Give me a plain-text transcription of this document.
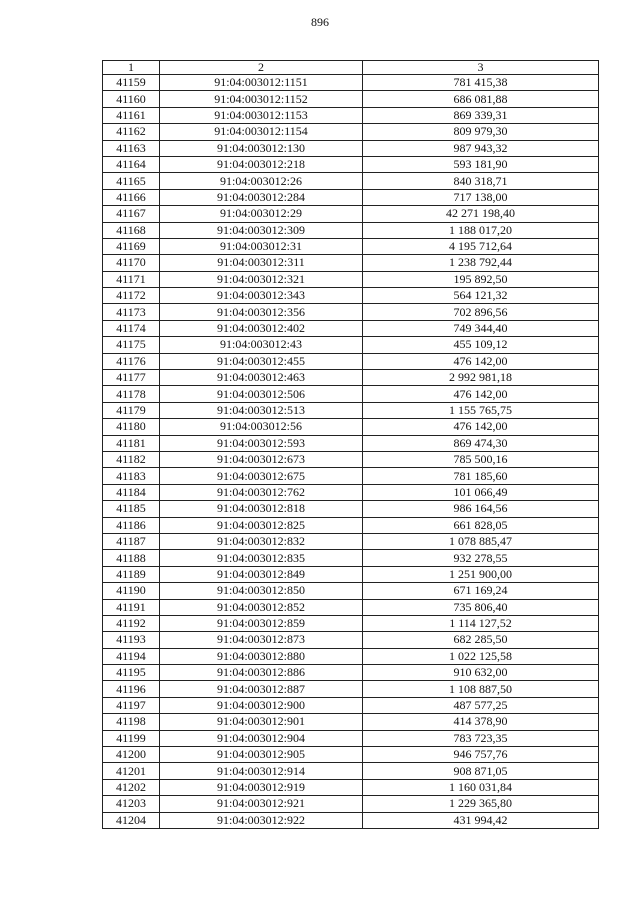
896
1	2	3
41159	91:04:003012:1151	781 415,38
41160	91:04:003012:1152	686 081,88
41161	91:04:003012:1153	869 339,31
41162	91:04:003012:1154	809 979,30
41163	91:04:003012:130	987 943,32
41164	91:04:003012:218	593 181,90
41165	91:04:003012:26	840 318,71
41166	91:04:003012:284	717 138,00
41167	91:04:003012:29	42 271 198,40
41168	91:04:003012:309	1 188 017,20
41169	91:04:003012:31	4 195 712,64
41170	91:04:003012:311	1 238 792,44
41171	91:04:003012:321	195 892,50
41172	91:04:003012:343	564 121,32
41173	91:04:003012:356	702 896,56
41174	91:04:003012:402	749 344,40
41175	91:04:003012:43	455 109,12
41176	91:04:003012:455	476 142,00
41177	91:04:003012:463	2 992 981,18
41178	91:04:003012:506	476 142,00
41179	91:04:003012:513	1 155 765,75
41180	91:04:003012:56	476 142,00
41181	91:04:003012:593	869 474,30
41182	91:04:003012:673	785 500,16
41183	91:04:003012:675	781 185,60
41184	91:04:003012:762	101 066,49
41185	91:04:003012:818	986 164,56
41186	91:04:003012:825	661 828,05
41187	91:04:003012:832	1 078 885,47
41188	91:04:003012:835	932 278,55
41189	91:04:003012:849	1 251 900,00
41190	91:04:003012:850	671 169,24
41191	91:04:003012:852	735 806,40
41192	91:04:003012:859	1 114 127,52
41193	91:04:003012:873	682 285,50
41194	91:04:003012:880	1 022 125,58
41195	91:04:003012:886	910 632,00
41196	91:04:003012:887	1 108 887,50
41197	91:04:003012:900	487 577,25
41198	91:04:003012:901	414 378,90
41199	91:04:003012:904	783 723,35
41200	91:04:003012:905	946 757,76
41201	91:04:003012:914	908 871,05
41202	91:04:003012:919	1 160 031,84
41203	91:04:003012:921	1 229 365,80
41204	91:04:003012:922	431 994,42
